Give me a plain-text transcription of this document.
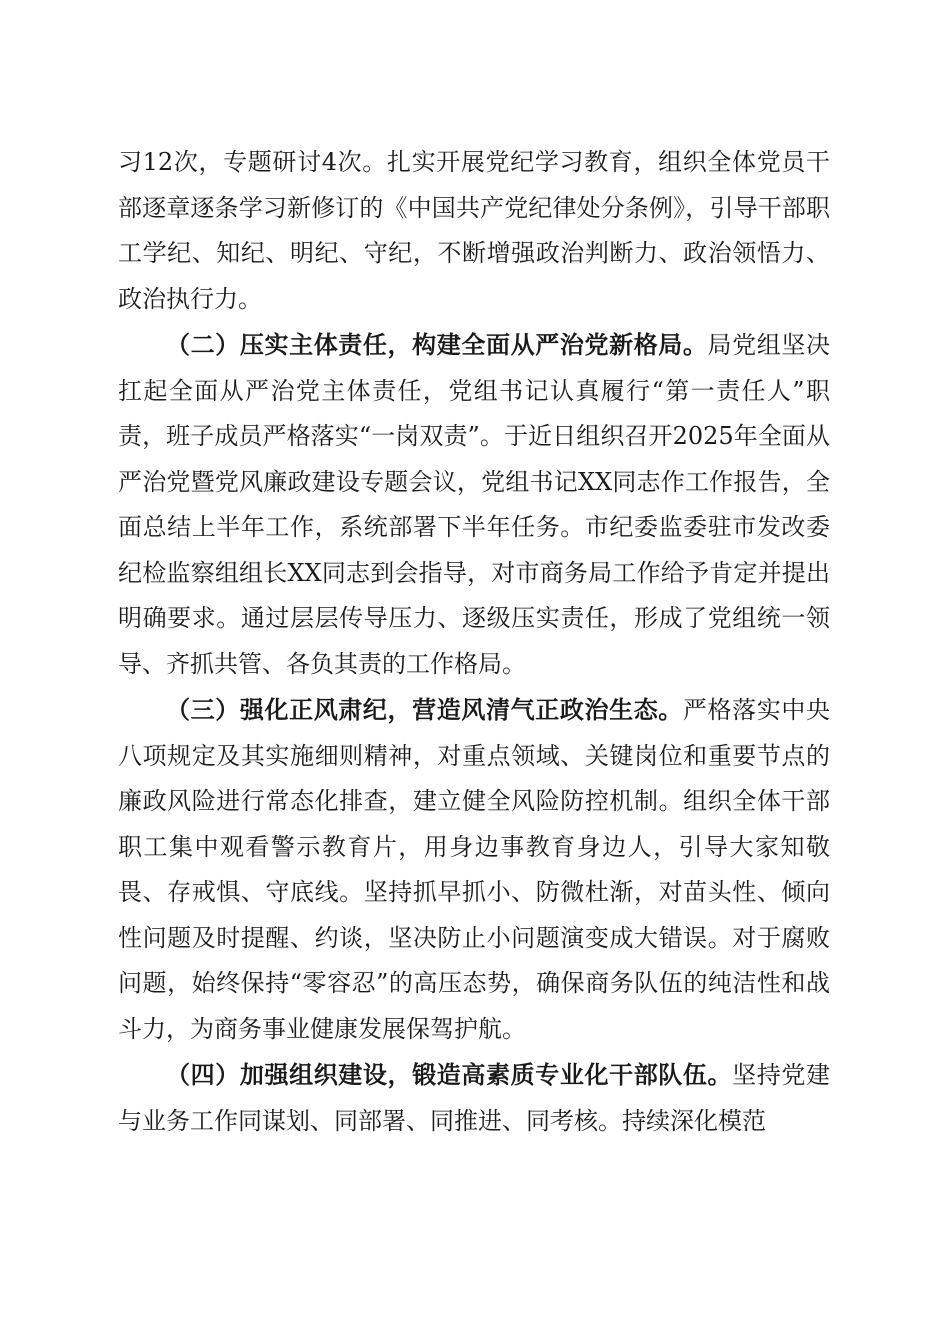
习12次，专题研讨4次。扎实开展党纪学习教育，组织全体党员干部逐章逐条学习新修订的《中国共产党纪律处分条例》，引导干部职工学纪、知纪、明纪、守纪，不断增强政治判断力、政治领悟力、政治执行力。

（二）压实主体责任，构建全面从严治党新格局。局党组坚决扛起全面从严治党主体责任，党组书记认真履行“第一责任人”职责，班子成员严格落实“一岗双责”。于近日组织召开2025年全面从严治党暨党风廉政建设专题会议，党组书记XX同志作工作报告，全面总结上半年工作，系统部署下半年任务。市纪委监委驻市发改委纪检监察组组长XX同志到会指导，对市商务局工作给予肯定并提出明确要求。通过层层传导压力、逐级压实责任，形成了党组统一领导、齐抓共管、各负其责的工作格局。

（三）强化正风肃纪，营造风清气正政治生态。严格落实中央八项规定及其实施细则精神，对重点领域、关键岗位和重要节点的廉政风险进行常态化排查，建立健全风险防控机制。组织全体干部职工集中观看警示教育片，用身边事教育身边人，引导大家知敬畏、存戒惧、守底线。坚持抓早抓小、防微杜渐，对苗头性、倾向性问题及时提醒、约谈，坚决防止小问题演变成大错误。对于腐败问题，始终保持“零容忍”的高压态势，确保商务队伍的纯洁性和战斗力，为商务事业健康发展保驾护航。

（四）加强组织建设，锻造高素质专业化干部队伍。坚持党建与业务工作同谋划、同部署、同推进、同考核。持续深化模范
